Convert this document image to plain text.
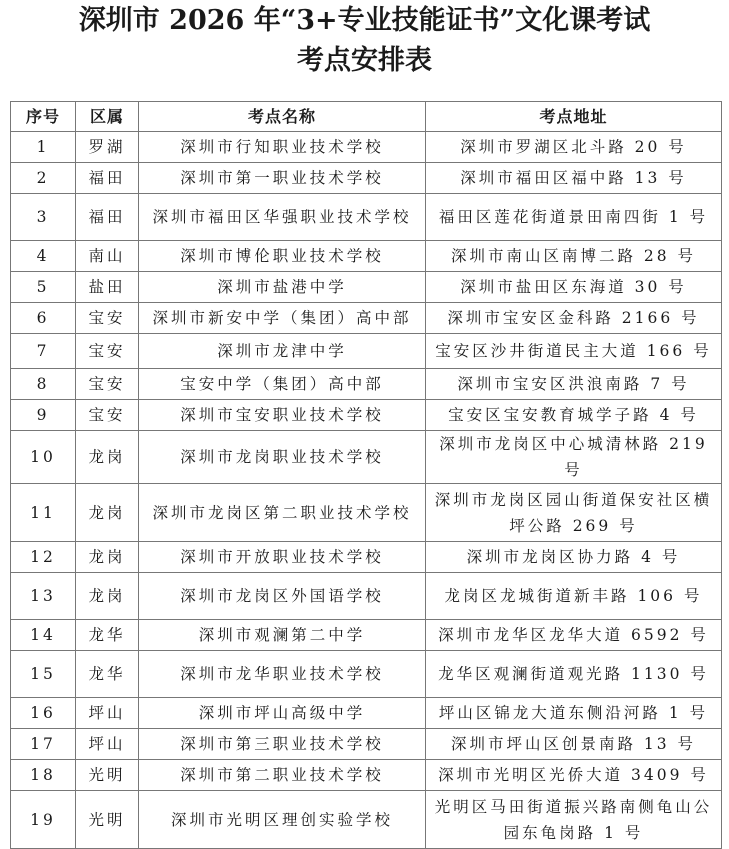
深圳市 2026 年“3+专业技能证书”文化课考试
考点安排表
序号	区属	考点名称	考点地址
1	罗湖	深圳市行知职业技术学校	深圳市罗湖区北斗路 20 号
2	福田	深圳市第一职业技术学校	深圳市福田区福中路 13 号
3	福田	深圳市福田区华强职业技术学校	福田区莲花街道景田南四街 1 号
4	南山	深圳市博伦职业技术学校	深圳市南山区南博二路 28 号
5	盐田	深圳市盐港中学	深圳市盐田区东海道 30 号
6	宝安	深圳市新安中学（集团）高中部	深圳市宝安区金科路 2166 号
7	宝安	深圳市龙津中学	宝安区沙井街道民主大道 166 号
8	宝安	宝安中学（集团）高中部	深圳市宝安区洪浪南路 7 号
9	宝安	深圳市宝安职业技术学校	宝安区宝安教育城学子路 4 号
10	龙岗	深圳市龙岗职业技术学校	深圳市龙岗区中心城清林路 219 号
11	龙岗	深圳市龙岗区第二职业技术学校	深圳市龙岗区园山街道保安社区横坪公路 269 号
12	龙岗	深圳市开放职业技术学校	深圳市龙岗区协力路 4 号
13	龙岗	深圳市龙岗区外国语学校	龙岗区龙城街道新丰路 106 号
14	龙华	深圳市观澜第二中学	深圳市龙华区龙华大道 6592 号
15	龙华	深圳市龙华职业技术学校	龙华区观澜街道观光路 1130 号
16	坪山	深圳市坪山高级中学	坪山区锦龙大道东侧沿河路 1 号
17	坪山	深圳市第三职业技术学校	深圳市坪山区创景南路 13 号
18	光明	深圳市第二职业技术学校	深圳市光明区光侨大道 3409 号
19	光明	深圳市光明区理创实验学校	光明区马田街道振兴路南侧龟山公园东龟岗路 1 号
